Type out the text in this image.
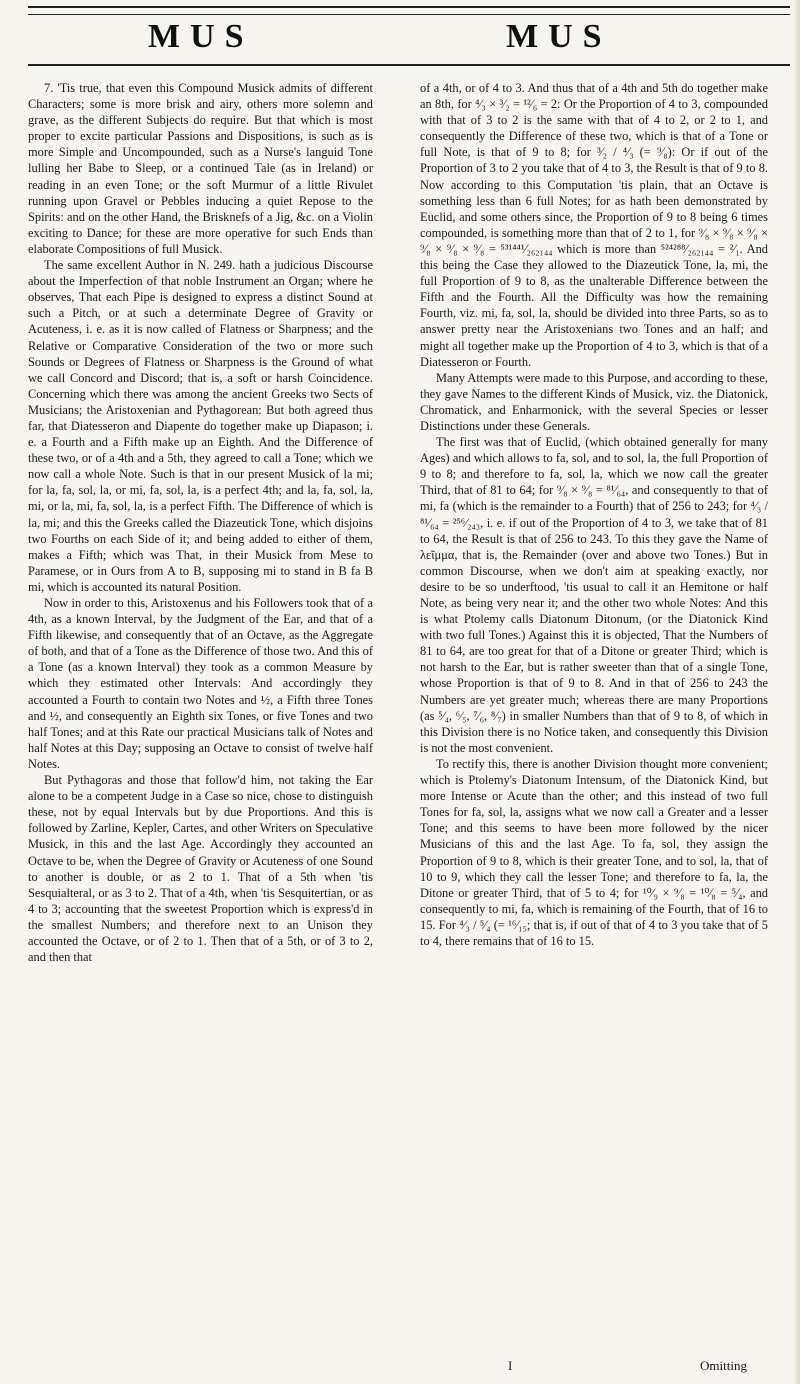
MUS	MUS

7. 'Tis true, that even this Compound Musick admits of different Characters; some is more brisk and airy, others more solemn and grave, as the different Subjects do require. But that which is most proper to excite particular Passions and Dispositions, is such as is more Simple and Uncompounded, such as a Nurse's languid Tone lulling her Babe to Sleep, or a continued Tale (as in Ireland) or reading in an even Tone; or the soft Murmur of a little Rivulet running upon Gravel or Pebbles inducing a quiet Repose to the Spirits: and on the other Hand, the Brisknefs of a Jig, &c. on a Violin exciting to Dance; for these are more operative for such Ends than elaborate Compositions of full Musick.

The same excellent Author in N. 249. hath a judicious Discourse about the Imperfection of that noble Instrument an Organ; where he observes, That each Pipe is designed to express a distinct Sound at such a Pitch, or at such a determinate Degree of Gravity or Acuteness, i. e. as it is now called of Flatness or Sharpness; and the Relative or Comparative Consideration of the two or more such Sounds or Degrees of Flatness or Sharpness is the Ground of what we call Concord and Discord; that is, a soft or harsh Coincidence. Concerning which there was among the ancient Greeks two Sects of Musicians; the Aristoxenian and Pythagorean: But both agreed thus far, that Diatesseron and Diapente do together make up Diapason; i. e. a Fourth and a Fifth make up an Eighth. And the Difference of these two, or of a 4th and a 5th, they agreed to call a Tone; which we now call a whole Note. Such is that in our present Musick of la mi; for la, fa, sol, la, or mi, fa, sol, la, is a perfect 4th; and la, fa, sol, la, mi, or la, mi, fa, sol, la, is a perfect Fifth. The Difference of which is la, mi; and this the Greeks called the Diazeutick Tone, which disjoins two Fourths on each Side of it; and being added to either of them, makes a Fifth; which was That, in their Musick from Mese to Paramese, or in Ours from A to B, supposing mi to stand in B fa B mi, which is accounted its natural Position.

Now in order to this, Aristoxenus and his Followers took that of a 4th, as a known Interval, by the Judgment of the Ear, and that of a Fifth likewise, and consequently that of an Octave, as the Aggregate of both, and that of a Tone as the Difference of those two. And this of a Tone (as a known Interval) they took as a common Measure by which they estimated other Intervals: And accordingly they accounted a Fourth to contain two Notes and ½, a Fifth three Tones and ½, and consequently an Eighth six Tones, or five Tones and two half Tones; and at this Rate our practical Musicians talk of Notes and half Notes at this Day; supposing an Octave to consist of twelve half Notes.

But Pythagoras and those that follow'd him, not taking the Ear alone to be a competent Judge in a Case so nice, chose to distinguish these, not by equal Intervals but by due Proportions. And this is followed by Zarline, Kepler, Cartes, and other Writers on Speculative Musick, in this and the last Age. Accordingly they accounted an Octave to be, when the Degree of Gravity or Acuteness of one Sound to another is double, or as 2 to 1. That of a 5th when 'tis Sesquialteral, or as 3 to 2. That of a 4th, when 'tis Sesquitertian, or as 4 to 3; accounting that the sweetest Proportion which is express'd in the smallest Numbers; and therefore next to an Unison they accounted the Octave, or of 2 to 1. Then that of a 5th, or of 3 to 2, and then that

of a 4th, or of 4 to 3. And thus that of a 4th and 5th do together make an 8th, for ⁴⁄₃ × ³⁄₂ = ¹²⁄₆ = 2: Or the Proportion of 4 to 3, compounded with that of 3 to 2 is the same with that of 4 to 2, or 2 to 1, and consequently the Difference of these two, which is that of a Tone or full Note, is that of 9 to 8; for ³⁄₂ / ⁴⁄₃ (= ⁹⁄₈): Or if out of the Proportion of 3 to 2 you take that of 4 to 3, the Result is that of 9 to 8. Now according to this Computation 'tis plain, that an Octave is something less than 6 full Notes; for as hath been demonstrated by Euclid, and some others since, the Proportion of 9 to 8 being 6 times compounded, is something more than that of 2 to 1, for ⁹⁄₈ × ⁹⁄₈ × ⁹⁄₈ × ⁹⁄₈ × ⁹⁄₈ × ⁹⁄₈ = ⁵³¹⁴⁴¹⁄₂₆₂₁₄₄ which is more than ⁵²⁴²⁸⁸⁄₂₆₂₁₄₄ = ²⁄₁. And this being the Case they allowed to the Diazeutick Tone, la, mi, the full Proportion of 9 to 8, as the unalterable Difference between the Fifth and the Fourth. All the Difficulty was how the remaining Fourth, viz. mi, fa, sol, la, should be divided into three Parts, so as to answer pretty near the Aristoxenians two Tones and an half; and might all together make up the Proportion of 4 to 3, which is that of a Diatesseron or Fourth.

Many Attempts were made to this Purpose, and according to these, they gave Names to the different Kinds of Musick, viz. the Diatonick, Chromatick, and Enharmonick, with the several Species or lesser Distinctions under these Generals.

The first was that of Euclid, (which obtained generally for many Ages) and which allows to fa, sol, and to sol, la, the full Proportion of 9 to 8; and therefore to fa, sol, la, which we now call the greater Third, that of 81 to 64; for ⁹⁄₈ × ⁹⁄₈ = ⁸¹⁄₆₄, and consequently to that of mi, fa (which is the remainder to a Fourth) that of 256 to 243; for ⁴⁄₃ / ⁸¹⁄₆₄ = ²⁵⁶⁄₂₄₃, i. e. if out of the Proportion of 4 to 3, we take that of 81 to 64, the Result is that of 256 to 243. To this they gave the Name of λεῖμμα, that is, the Remainder (over and above two Tones.) But in common Discourse, when we don't aim at speaking exactly, nor desire to be so underftood, 'tis usual to call it an Hemitone or half Note, as being very near it; and the other two whole Notes: And this is what Ptolemy calls Diatonum Ditonum, (or the Diatonick Kind with two full Tones.) Against this it is objected, That the Numbers of 81 to 64, are too great for that of a Ditone or greater Third; which is not harsh to the Ear, but is rather sweeter than that of a single Tone, whose Proportion is that of 9 to 8. And in that of 256 to 243 the Numbers are yet greater much; whereas there are many Proportions (as ⁵⁄₄, ⁶⁄₅, ⁷⁄₆, ⁸⁄₇) in smaller Numbers than that of 9 to 8, of which in this Division there is no Notice taken, and consequently this Division is not the most convenient.

To rectify this, there is another Division thought more convenient; which is Ptolemy's Diatonum Intensum, of the Diatonick Kind, but more Intense or Acute than the other; and this instead of two full Tones for fa, sol, la, assigns what we now call a Greater and a lesser Tone; and this seems to have been more followed by the nicer Musicians of this and the last Age. To fa, sol, they assign the Proportion of 9 to 8, which is their greater Tone, and to sol, la, that of 10 to 9, which they call the lesser Tone; and therefore to fa, la, the Ditone or greater Third, that of 5 to 4; for ¹⁰⁄₉ × ⁹⁄₈ = ¹⁰⁄₈ = ⁵⁄₄, and consequently to mi, fa, which is remaining of the Fourth, that of 16 to 15. For ⁴⁄₃ / ⁵⁄₄ (= ¹⁶⁄₁₅; that is, if out of that of 4 to 3 you take that of 5 to 4, there remains that of 16 to 15.

I	Omitting
